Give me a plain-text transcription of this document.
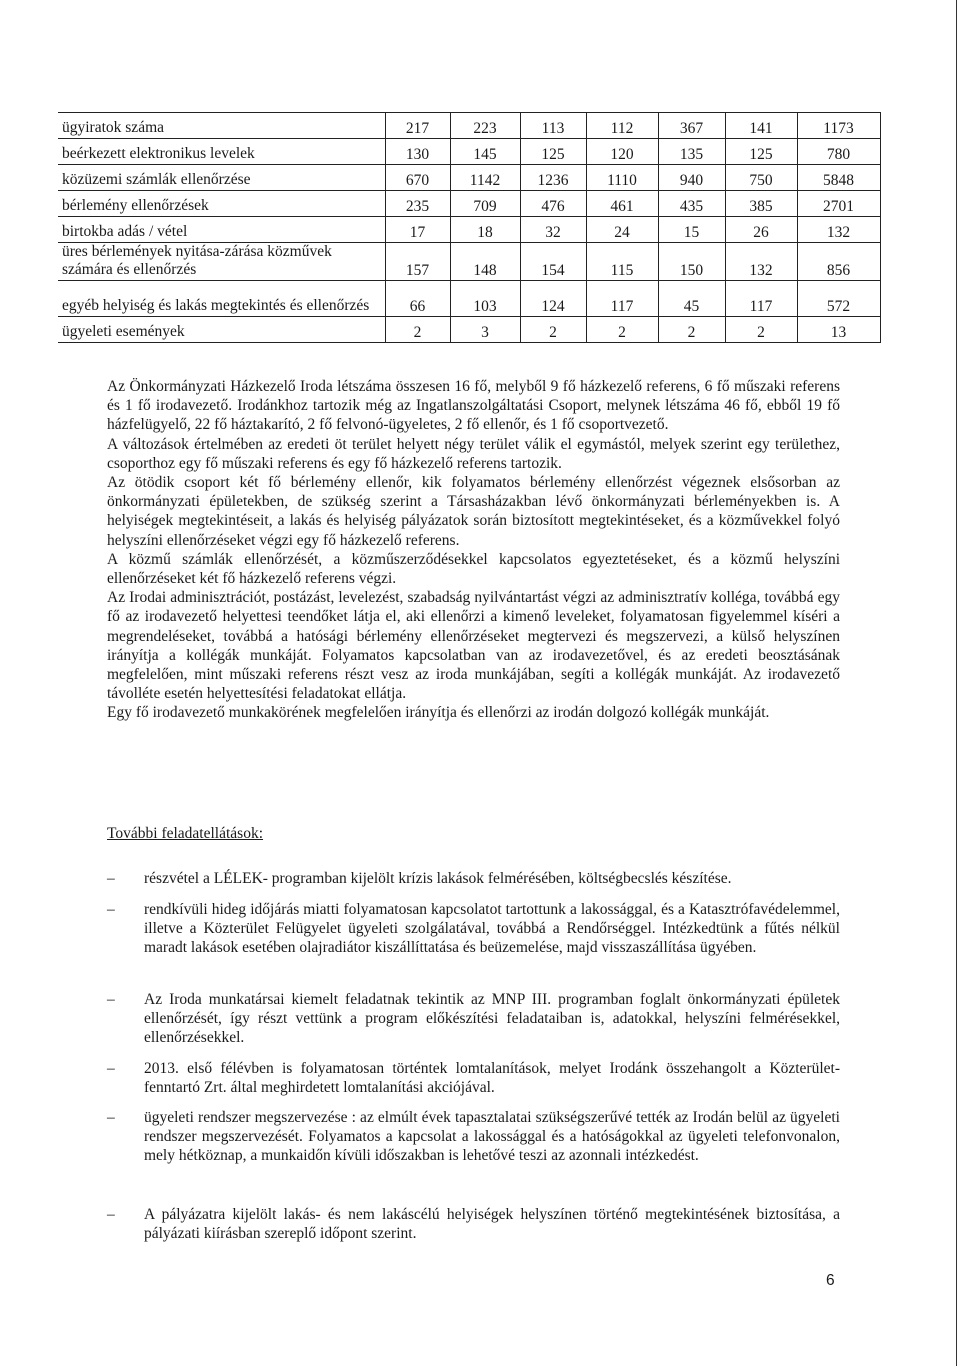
ügyiratok száma	217	223	113	112	367	141	1173
beérkezett elektronikus levelek	130	145	125	120	135	125	780
közüzemi számlák ellenőrzése	670	1142	1236	1110	940	750	5848
bérlemény ellenőrzések	235	709	476	461	435	385	2701
birtokba adás / vétel	17	18	32	24	15	26	132
üres bérlemények nyitása-zárása közművek számára és ellenőrzés	157	148	154	115	150	132	856
egyéb helyiség és lakás megtekintés és ellenőrzés	66	103	124	117	45	117	572
ügyeleti események	2	3	2	2	2	2	13

Az Önkormányzati Házkezelő Iroda létszáma összesen 16 fő, melyből 9 fő házkezelő referens, 6 fő műszaki referens és 1 fő irodavezető. Irodánkhoz tartozik még az Ingatlanszolgáltatási Csoport, melynek létszáma 46 fő, ebből 19 fő házfelügyelő, 22 fő háztakarító, 2 fő felvonó-ügyeletes, 2 fő ellenőr, és 1 fő csoportvezető.

A változások értelmében az eredeti öt terület helyett négy terület válik el egymástól, melyek szerint egy területhez, csoporthoz egy fő műszaki referens és egy fő házkezelő referens tartozik.

Az ötödik csoport két fő bérlemény ellenőr, kik folyamatos bérlemény ellenőrzést végeznek elsősorban az önkormányzati épületekben, de szükség szerint a Társasházakban lévő önkormányzati bérleményekben is. A helyiségek megtekintéseit, a lakás és helyiség pályázatok során biztosított megtekintéseket, és a közművekkel folyó helyszíni ellenőrzéseket végzi egy fő házkezelő referens.

A közmű számlák ellenőrzését, a közműszerződésekkel kapcsolatos egyeztetéseket, és a közmű helyszíni ellenőrzéseket két fő házkezelő referens végzi.

Az Irodai adminisztrációt, postázást, levelezést, szabadság nyilvántartást végzi az adminisztratív kolléga, továbbá egy fő az irodavezető helyettesi teendőket látja el, aki ellenőrzi a kimenő leveleket, folyamatosan figyelemmel kíséri a megrendeléseket, továbbá a hatósági bérlemény ellenőrzéseket megtervezi és megszervezi, a külső helyszínen irányítja a kollégák munkáját. Folyamatos kapcsolatban van az irodavezetővel, és az eredeti beosztásának megfelelően, mint műszaki referens részt vesz az iroda munkájában, segíti a kollégák munkáját. Az irodavezető távolléte esetén helyettesítési feladatokat ellátja.

Egy fő irodavezető munkakörének megfelelően irányítja és ellenőrzi az irodán dolgozó kollégák munkáját.

További feladatellátások:
–	részvétel a LÉLEK- programban kijelölt krízis lakások felmérésében, költségbecslés készítése.
–	rendkívüli hideg időjárás miatti folyamatosan kapcsolatot tartottunk a lakossággal, és a Katasztrófavédelemmel, illetve a Közterület Felügyelet ügyeleti szolgálatával, továbbá a Rendőrséggel. Intézkedtünk a fűtés nélkül maradt lakások esetében olajradiátor kiszállíttatása és beüzemelése, majd visszaszállítása ügyében.
–	Az Iroda munkatársai kiemelt feladatnak tekintik az MNP III. programban foglalt önkormányzati épületek ellenőrzését, így részt vettünk a program előkészítési feladataiban is, adatokkal, helyszíni felmérésekkel, ellenőrzésekkel.
–	2013. első félévben is folyamatosan történtek lomtalanítások, melyet Irodánk összehangolt a Közterület-fenntartó Zrt. által meghirdetett lomtalanítási akciójával.
–	ügyeleti rendszer megszervezése : az elmúlt évek tapasztalatai szükségszerűvé tették az Irodán belül az ügyeleti rendszer megszervezését. Folyamatos a kapcsolat a lakossággal és a hatóságokkal az ügyeleti telefonvonalon, mely hétköznap, a munkaidőn kívüli időszakban is lehetővé teszi az azonnali intézkedést.
–	A pályázatra kijelölt lakás- és nem lakáscélú helyiségek helyszínen történő megtekintésének biztosítása, a pályázati kiírásban szereplő időpont szerint.
6
